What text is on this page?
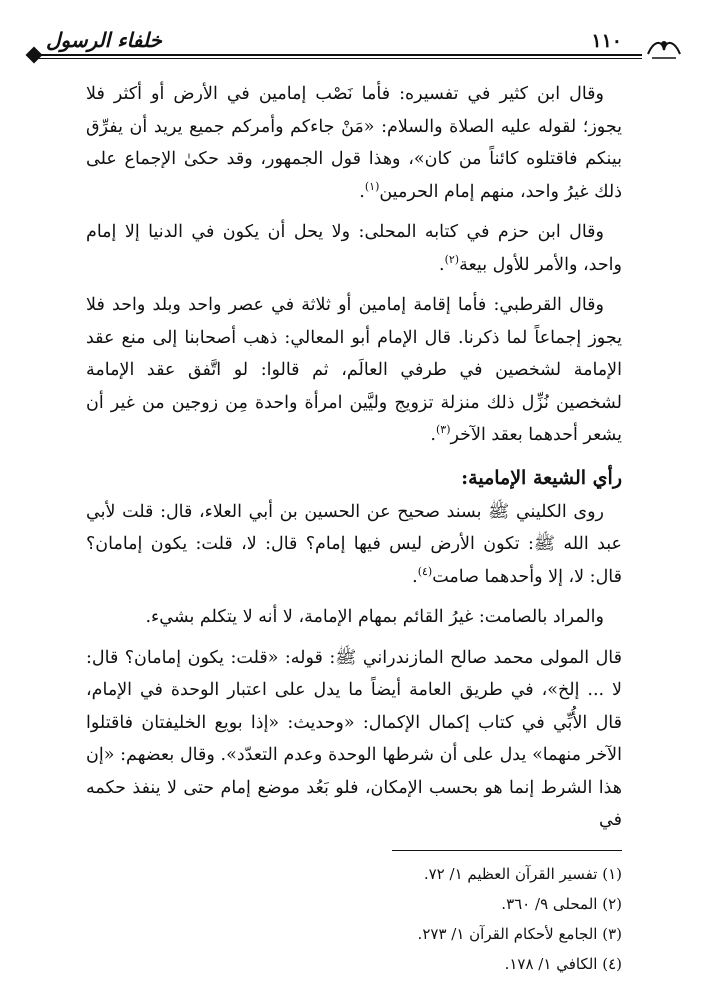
١١٠
خلفاء الرسول

وقال ابن كثير في تفسيره: فأما نَصْب إمامين في الأرض أو أكثر فلا يجوز؛ لقوله عليه الصلاة والسلام: «مَنْ جاءكم وأمركم جميع يريد أن يفرِّق بينكم فاقتلوه كائناً من كان»، وهذا قول الجمهور، وقد حكىٰ الإجماع على ذلك غيرُ واحد، منهم إمام الحرمين$^{(١)}$.

وقال ابن حزم في كتابه المحلى: ولا يحل أن يكون في الدنيا إلا إمام واحد، والأمر للأول بيعة$^{(٢)}$.

وقال القرطبي: فأما إقامة إمامين أو ثلاثة في عصر واحد وبلد واحد فلا يجوز إجماعاً لما ذكرنا. قال الإمام أبو المعالي: ذهب أصحابنا إلى منع عقد الإمامة لشخصين في طرفي العالَم، ثم قالوا: لو اتَّفق عقد الإمامة لشخصين نُزِّل ذلك منزلة تزويج وليَّين امرأة واحدة مِن زوجين من غير أن يشعر أحدهما بعقد الآخر$^{(٣)}$.

رأي الشيعة الإمامية:

روى الكليني ﷺ بسند صحيح عن الحسين بن أبي العلاء، قال: قلت لأبي عبد الله ﷺ: تكون الأرض ليس فيها إمام؟ قال: لا، قلت: يكون إمامان؟ قال: لا، إلا وأحدهما صامت$^{(٤)}$.

والمراد بالصامت: غيرُ القائم بمهام الإمامة، لا أنه لا يتكلم بشيء.

قال المولى محمد صالح المازندراني ﷺ: قوله: «قلت: يكون إمامان؟ قال: لا ... إلخ»، في طريق العامة أيضاً ما يدل على اعتبار الوحدة في الإمام، قال الأُبِّي في كتاب إكمال الإكمال: «وحديث: «إذا بويع الخليفتان فاقتلوا الآخر منهما» يدل على أن شرطها الوحدة وعدم التعدّد». وقال بعضهم: «إن هذا الشرط إنما هو بحسب الإمكان، فلو بَعُد موضع إمام حتى لا ينفذ حكمه في

(١) تفسير القرآن العظيم ١/ ٧٢.
(٢) المحلى ٩/ ٣٦٠.
(٣) الجامع لأحكام القرآن ١/ ٢٧٣.
(٤) الكافي ١/ ١٧٨.
